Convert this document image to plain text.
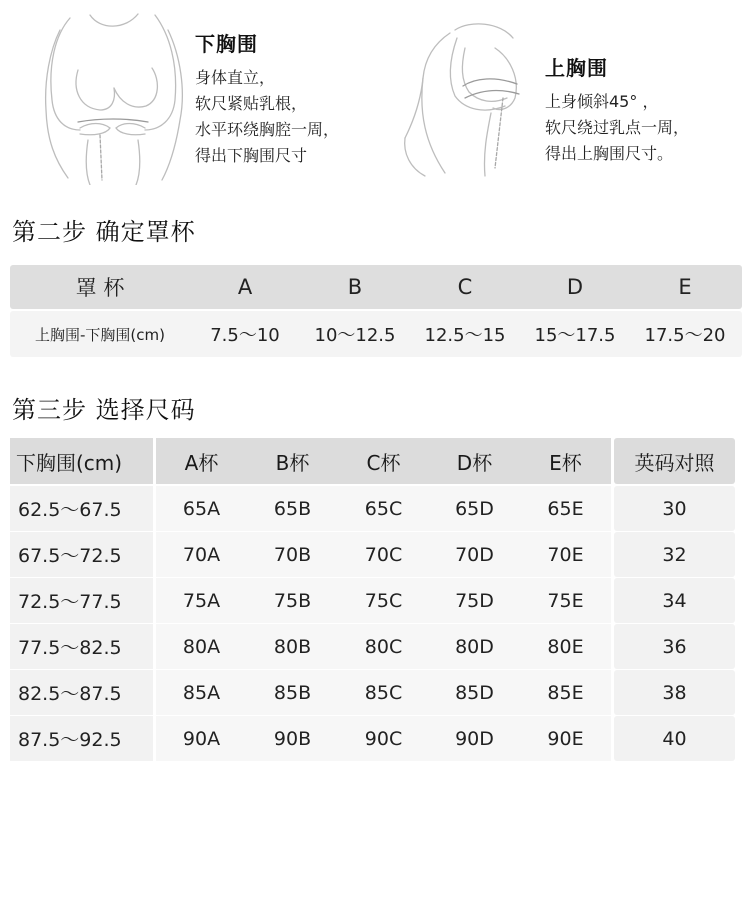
下胸围
身体直立，
软尺紧贴乳根，
水平环绕胸腔一周，
得出下胸围尺寸
上胸围
上身倾斜45° ，
软尺绕过乳点一周，
得出上胸围尺寸。
第二步 确定罩杯
罩 杯	A	B	C	D	E
上胸围-下胸围(cm)	7.5～10	10～12.5	12.5～15	15～17.5	17.5～20
第三步 选择尺码
下胸围(cm)	A杯	B杯	C杯	D杯	E杯	英码对照
62.5～67.5	65A	65B	65C	65D	65E	30
67.5～72.5	70A	70B	70C	70D	70E	32
72.5～77.5	75A	75B	75C	75D	75E	34
77.5～82.5	80A	80B	80C	80D	80E	36
82.5～87.5	85A	85B	85C	85D	85E	38
87.5～92.5	90A	90B	90C	90D	90E	40
